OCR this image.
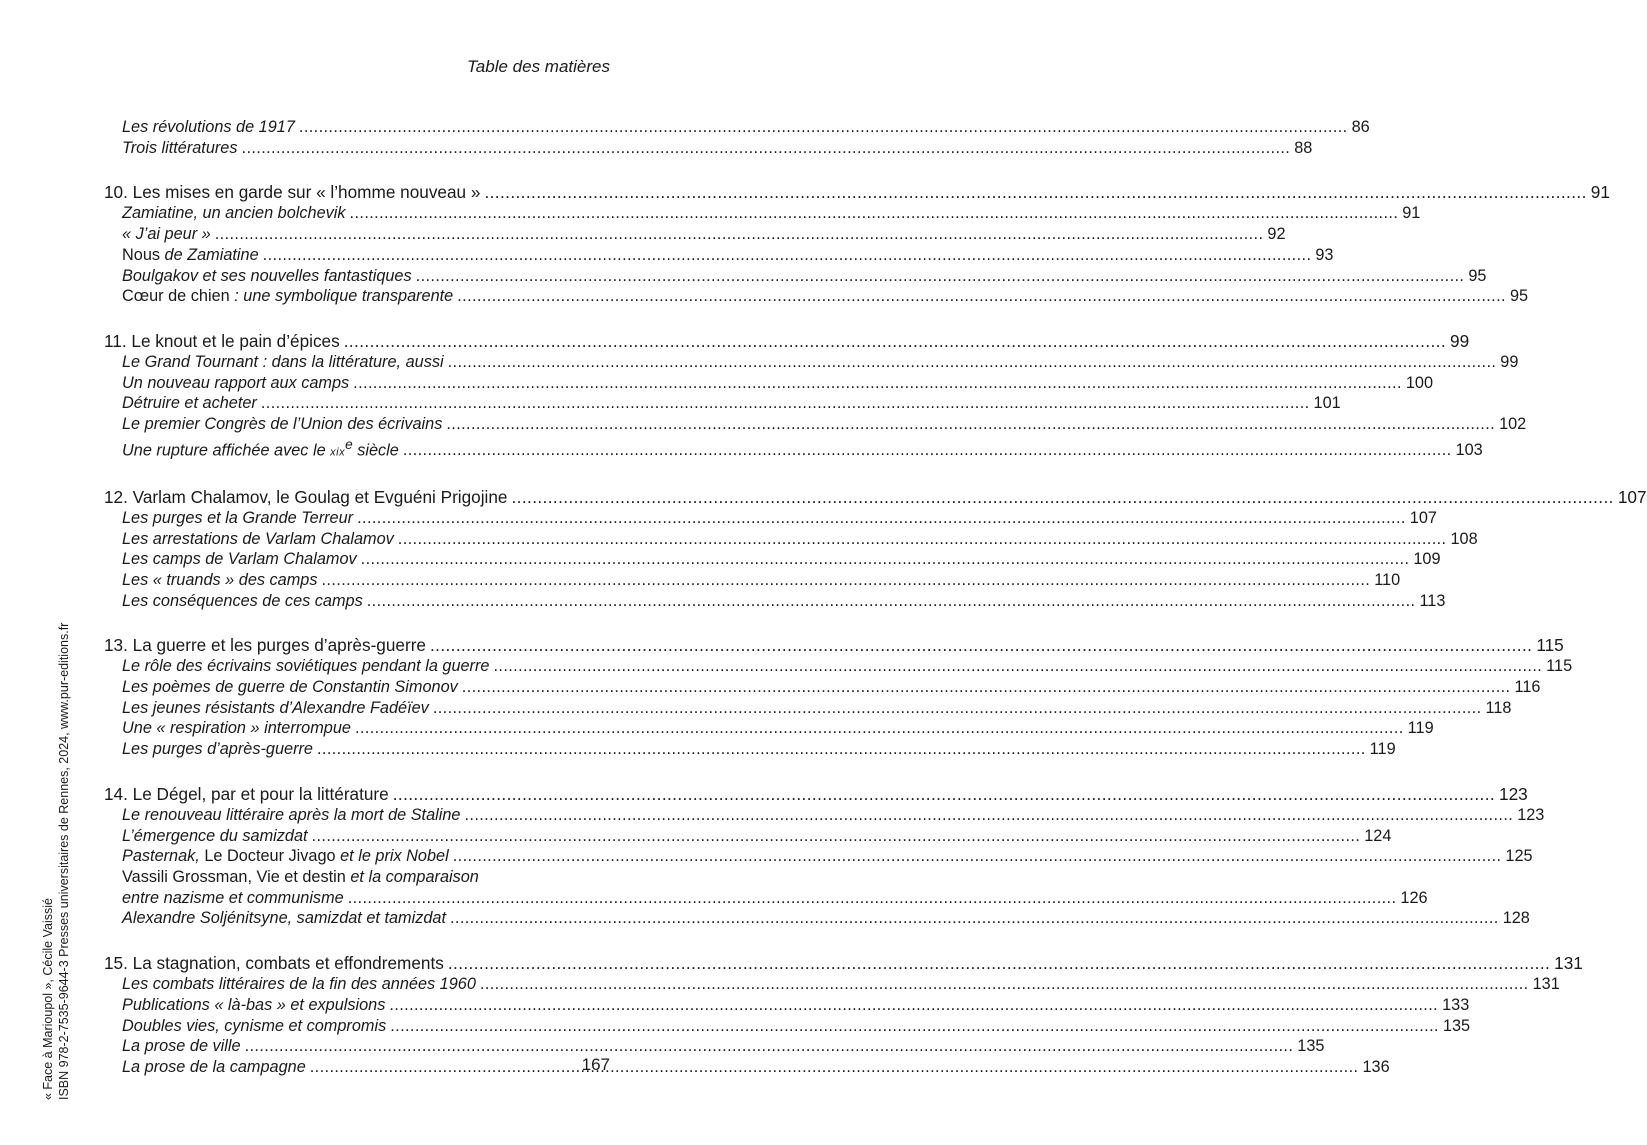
Table des matières
Les révolutions de 1917 .....	86
Trois littératures .....	88
10. Les mises en garde sur « l’homme nouveau » .....	91
Zamiatine, un ancien bolchevik .....	91
« J’ai peur » .....	92
Nous de Zamiatine .....	93
Boulgakov et ses nouvelles fantastiques .....	95
Cœur de chien : une symbolique transparente .....	95
11. Le knout et le pain d’épices .....	99
Le Grand Tournant : dans la littérature, aussi .....	99
Un nouveau rapport aux camps .....	100
Détruire et acheter .....	101
Le premier Congrès de l’Union des écrivains .....	102
Une rupture affichée avec le xix$^e$ siècle .....	103
12. Varlam Chalamov, le Goulag et Evguéni Prigojine .....	107
Les purges et la Grande Terreur .....	107
Les arrestations de Varlam Chalamov .....	108
Les camps de Varlam Chalamov .....	109
Les « truands » des camps .....	110
Les conséquences de ces camps .....	113
13. La guerre et les purges d’après-guerre .....	115
Le rôle des écrivains soviétiques pendant la guerre .....	115
Les poèmes de guerre de Constantin Simonov .....	116
Les jeunes résistants d’Alexandre Fadéïev .....	118
Une « respiration » interrompue .....	119
Les purges d’après-guerre .....	119
14. Le Dégel, par et pour la littérature .....	123
Le renouveau littéraire après la mort de Staline .....	123
L’émergence du samizdat .....	124
Pasternak, Le Docteur Jivago et le prix Nobel .....	125
Vassili Grossman, Vie et destin et la comparaison
entre nazisme et communisme .....	126
Alexandre Soljénitsyne, samizdat et tamizdat .....	128
15. La stagnation, combats et effondrements .....	131
Les combats littéraires de la fin des années 1960 .....	131
Publications « là-bas » et expulsions .....	133
Doubles vies, cynisme et compromis .....	135
La prose de ville .....	135
La prose de la campagne .....	136
167
« Face à Marioupol », Cécile Vaissié ISBN 978-2-7535-9644-3 Presses universitaires de Rennes, 2024, www.pur-editions.fr
